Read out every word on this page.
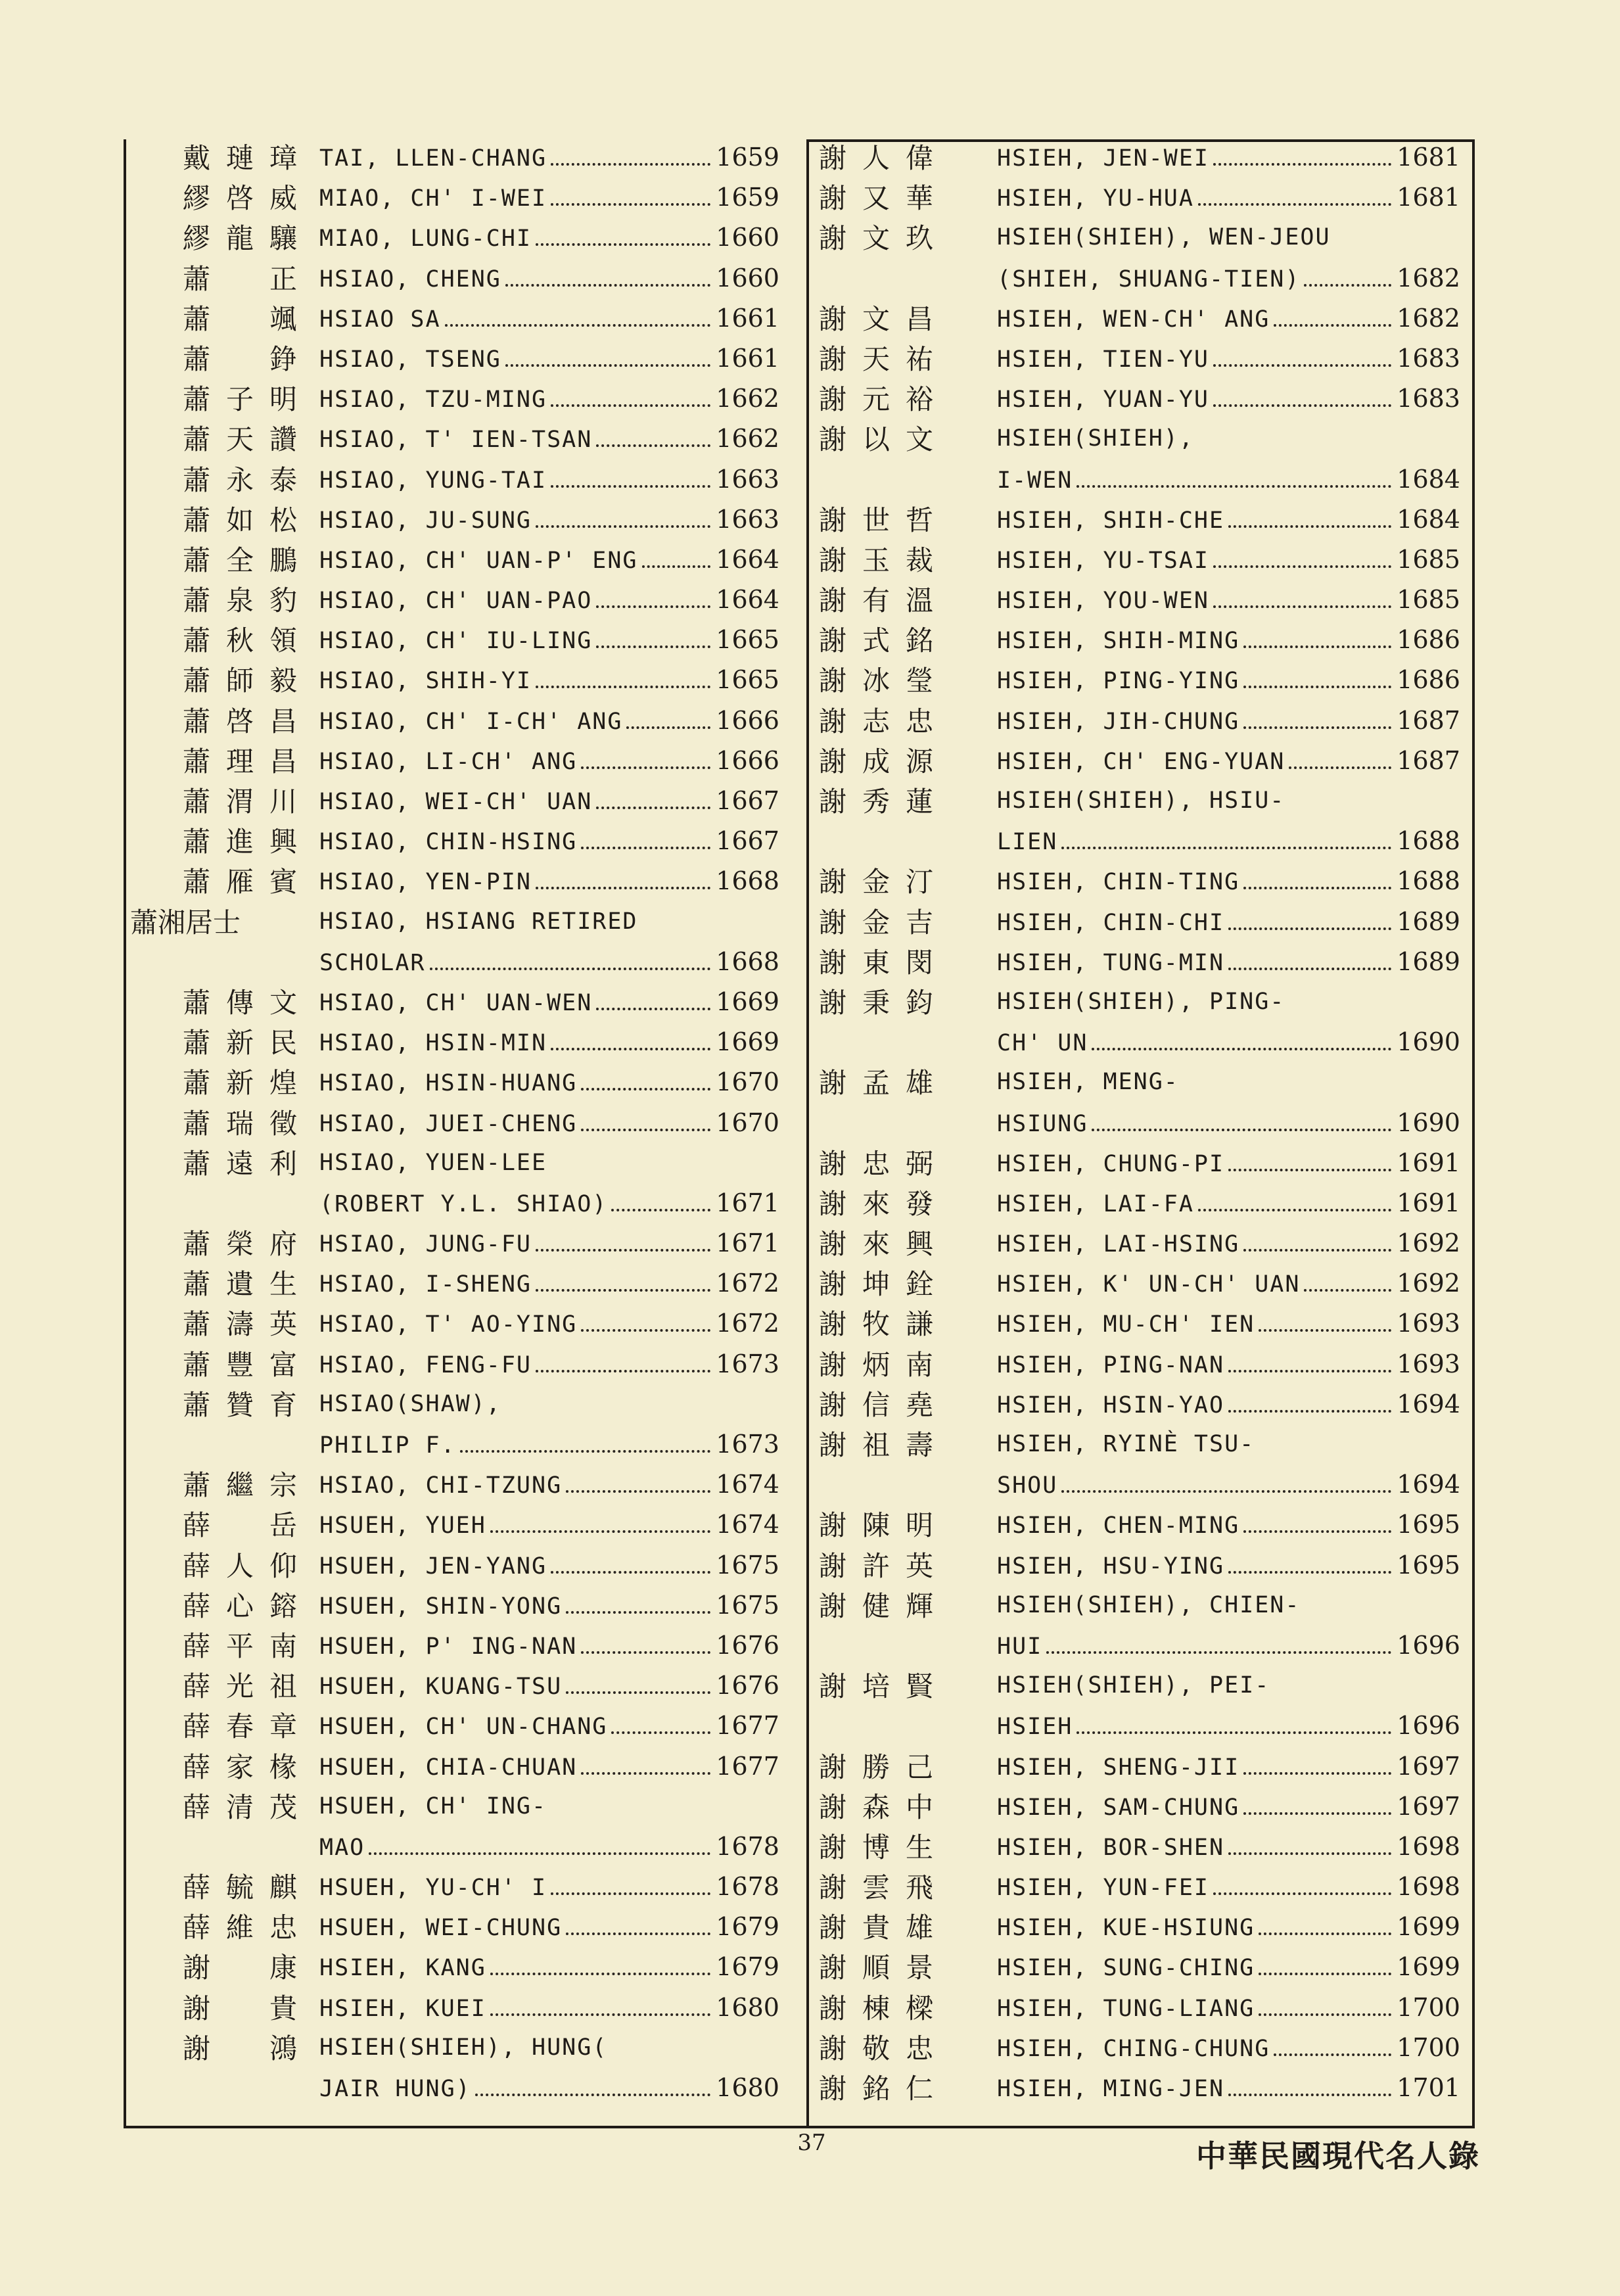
戴 璉 璋 TAI, LLEN-CHANG	1659
繆 啓 威 MIAO, CH' I-WEI	1659
繆 龍 驤 MIAO, LUNG-CHI	1660
蕭	正 HSIAO, CHENG	1660
蕭	颯 HSIAO SA	1661
蕭	錚 HSIAO, TSENG	1661
蕭 子 明 HSIAO, TZU-MING	1662
蕭 天 讚 HSIAO, T' IEN-TSAN	1662
蕭 永 泰 HSIAO, YUNG-TAI	1663
蕭 如 松 HSIAO, JU-SUNG	1663
蕭 全 鵬 HSIAO, CH' UAN-P' ENG	1664
蕭 泉 豹 HSIAO, CH' UAN-PAO	1664
蕭 秋 領 HSIAO, CH' IU-LING	1665
蕭 師 毅 HSIAO, SHIH-YI	1665
蕭 啓 昌 HSIAO, CH' I-CH' ANG	1666
蕭 理 昌 HSIAO, LI-CH' ANG	1666
蕭 渭 川 HSIAO, WEI-CH' UAN	1667
蕭 進 興 HSIAO, CHIN-HSING	1667
蕭 雁 賓 HSIAO, YEN-PIN	1668
蕭湘居士	HSIAO, HSIANG RETIRED
SCHOLAR	1668
蕭 傳 文 HSIAO, CH' UAN-WEN	1669
蕭 新 民 HSIAO, HSIN-MIN	1669
蕭 新 煌 HSIAO, HSIN-HUANG	1670
蕭 瑞 徵 HSIAO, JUEI-CHENG	1670
蕭 遠 利 HSIAO, YUEN-LEE
(ROBERT Y.L. SHIAO)	1671
蕭 榮 府 HSIAO, JUNG-FU	1671
蕭 遺 生 HSIAO, I-SHENG	1672
蕭 濤 英 HSIAO, T' AO-YING	1672
蕭 豐 富 HSIAO, FENG-FU	1673
蕭 贊 育 HSIAO(SHAW),
PHILIP F.	1673
蕭 繼 宗 HSIAO, CHI-TZUNG	1674
薛	岳 HSUEH, YUEH	1674
薛 人 仰 HSUEH, JEN-YANG	1675
薛 心 鎔 HSUEH, SHIN-YONG	1675
薛 平 南 HSUEH, P' ING-NAN	1676
薛 光 祖 HSUEH, KUANG-TSU	1676
薛 春 章 HSUEH, CH' UN-CHANG	1677
薛 家 椽 HSUEH, CHIA-CHUAN	1677
薛 清 茂 HSUEH, CH' ING-
MAO	1678
薛 毓 麒 HSUEH, YU-CH' I	1678
薛 維 忠 HSUEH, WEI-CHUNG	1679
謝	康 HSIEH, KANG	1679
謝	貴 HSIEH, KUEI	1680
謝	鴻 HSIEH(SHIEH), HUNG(
JAIR HUNG)	1680
謝 人 偉	HSIEH, JEN-WEI	1681
謝 又 華	HSIEH, YU-HUA	1681
謝 文 玖	HSIEH(SHIEH), WEN-JEOU
(SHIEH, SHUANG-TIEN)	1682
謝 文 昌	HSIEH, WEN-CH' ANG	1682
謝 天 祐	HSIEH, TIEN-YU	1683
謝 元 裕	HSIEH, YUAN-YU	1683
謝 以 文	HSIEH(SHIEH),
I-WEN	1684
謝 世 哲	HSIEH, SHIH-CHE	1684
謝 玉 裁	HSIEH, YU-TSAI	1685
謝 有 溫	HSIEH, YOU-WEN	1685
謝 式 銘	HSIEH, SHIH-MING	1686
謝 冰 瑩	HSIEH, PING-YING	1686
謝 志 忠	HSIEH, JIH-CHUNG	1687
謝 成 源	HSIEH, CH' ENG-YUAN	1687
謝 秀 蓮	HSIEH(SHIEH), HSIU-
LIEN	1688
謝 金 汀	HSIEH, CHIN-TING	1688
謝 金 吉	HSIEH, CHIN-CHI	1689
謝 東 閔	HSIEH, TUNG-MIN	1689
謝 秉 鈞	HSIEH(SHIEH), PING-
CH' UN	1690
謝 孟 雄	HSIEH, MENG-
HSIUNG	1690
謝 忠 弼	HSIEH, CHUNG-PI	1691
謝 來 發	HSIEH, LAI-FA	1691
謝 來 興	HSIEH, LAI-HSING	1692
謝 坤 銓	HSIEH, K' UN-CH' UAN	1692
謝 牧 謙	HSIEH, MU-CH' IEN	1693
謝 炳 南	HSIEH, PING-NAN	1693
謝 信 堯	HSIEH, HSIN-YAO	1694
謝 祖 壽	HSIEH, RYINÈ TSU-
SHOU	1694
謝 陳 明	HSIEH, CHEN-MING	1695
謝 許 英	HSIEH, HSU-YING	1695
謝 健 輝	HSIEH(SHIEH), CHIEN-
HUI	1696
謝 培 賢	HSIEH(SHIEH), PEI-
HSIEH	1696
謝 勝 己	HSIEH, SHENG-JII	1697
謝 森 中	HSIEH, SAM-CHUNG	1697
謝 博 生	HSIEH, BOR-SHEN	1698
謝 雲 飛	HSIEH, YUN-FEI	1698
謝 貴 雄	HSIEH, KUE-HSIUNG	1699
謝 順 景	HSIEH, SUNG-CHING	1699
謝 棟 樑	HSIEH, TUNG-LIANG	1700
謝 敬 忠	HSIEH, CHING-CHUNG	1700
謝 銘 仁	HSIEH, MING-JEN	1701
37	中華民國現代名人錄
